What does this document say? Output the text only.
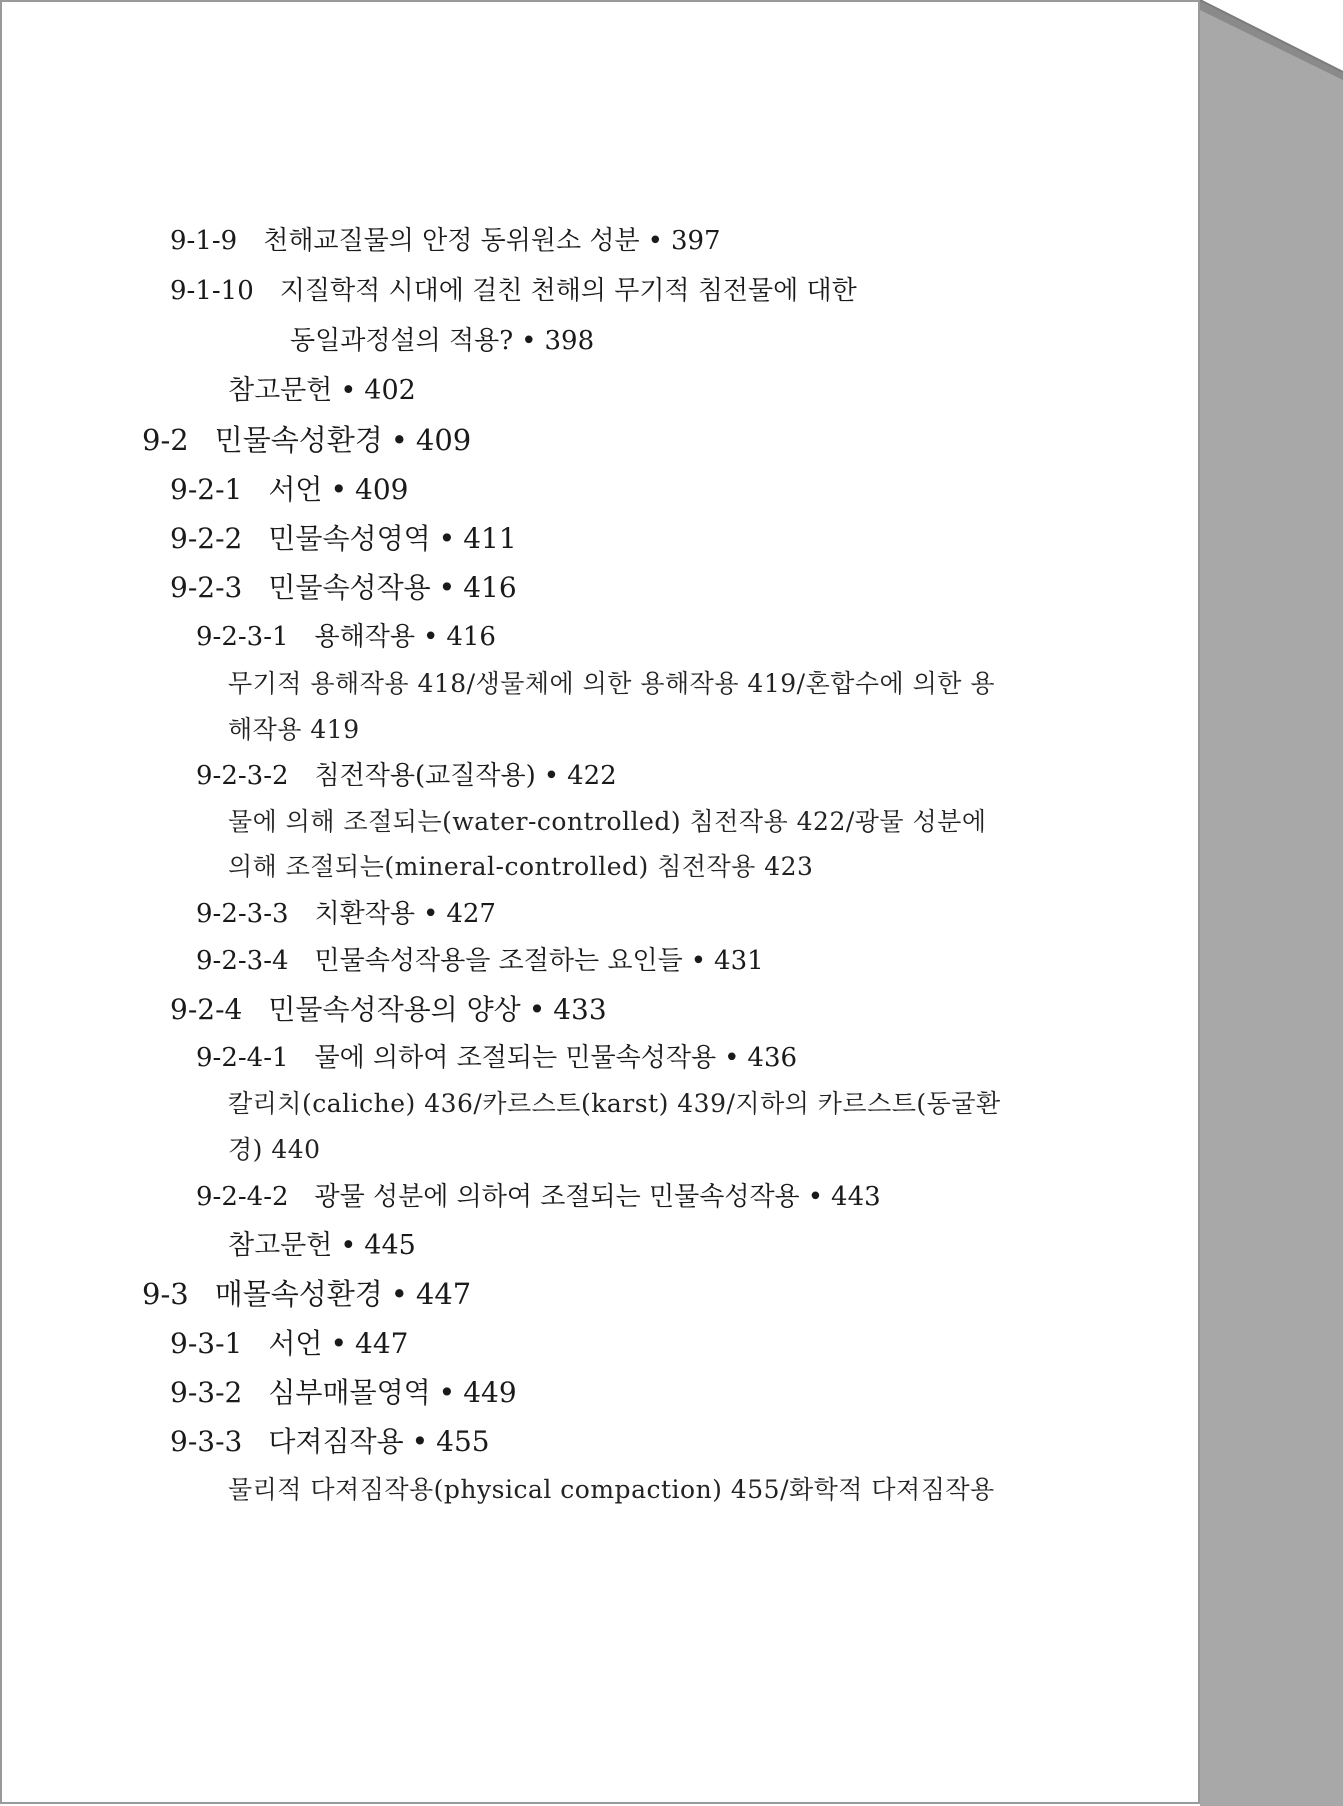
9-1-9 천해교질물의 안정 동위원소 성분 • 397
9-1-10 지질학적 시대에 걸친 천해의 무기적 침전물에 대한
동일과정설의 적용? • 398
참고문헌 • 402
9-2 민물속성환경 • 409
9-2-1 서언 • 409
9-2-2 민물속성영역 • 411
9-2-3 민물속성작용 • 416
9-2-3-1 용해작용 • 416
무기적 용해작용 418/생물체에 의한 용해작용 419/혼합수에 의한 용
해작용 419
9-2-3-2 침전작용(교질작용) • 422
물에 의해 조절되는(water-controlled) 침전작용 422/광물 성분에
의해 조절되는(mineral-controlled) 침전작용 423
9-2-3-3 치환작용 • 427
9-2-3-4 민물속성작용을 조절하는 요인들 • 431
9-2-4 민물속성작용의 양상 • 433
9-2-4-1 물에 의하여 조절되는 민물속성작용 • 436
칼리치(caliche) 436/카르스트(karst) 439/지하의 카르스트(동굴환
경) 440
9-2-4-2 광물 성분에 의하여 조절되는 민물속성작용 • 443
참고문헌 • 445
9-3 매몰속성환경 • 447
9-3-1 서언 • 447
9-3-2 심부매몰영역 • 449
9-3-3 다져짐작용 • 455
물리적 다져짐작용(physical compaction) 455/화학적 다져짐작용
